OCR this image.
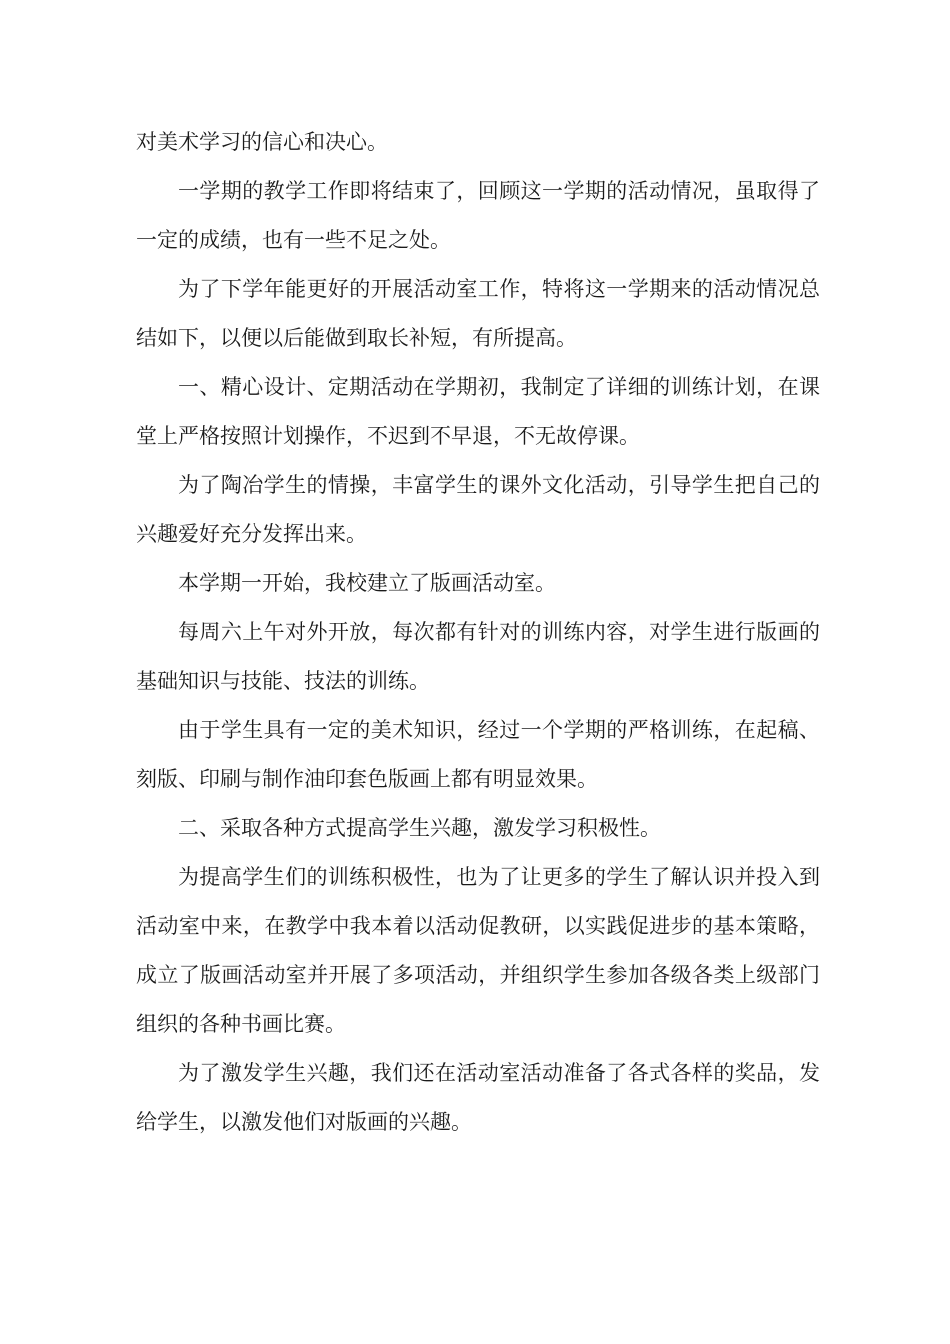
对美术学习的信心和决心。

一学期的教学工作即将结束了，回顾这一学期的活动情况，虽取得了一定的成绩，也有一些不足之处。

为了下学年能更好的开展活动室工作，特将这一学期来的活动情况总结如下，以便以后能做到取长补短，有所提高。

一、精心设计、定期活动在学期初，我制定了详细的训练计划，在课堂上严格按照计划操作，不迟到不早退，不无故停课。

为了陶冶学生的情操，丰富学生的课外文化活动，引导学生把自己的兴趣爱好充分发挥出来。

本学期一开始，我校建立了版画活动室。

每周六上午对外开放，每次都有针对的训练内容，对学生进行版画的基础知识与技能、技法的训练。

由于学生具有一定的美术知识，经过一个学期的严格训练，在起稿、刻版、印刷与制作油印套色版画上都有明显效果。

二、采取各种方式提高学生兴趣，激发学习积极性。

为提高学生们的训练积极性，也为了让更多的学生了解认识并投入到活动室中来，在教学中我本着以活动促教研，以实践促进步的基本策略，成立了版画活动室并开展了多项活动，并组织学生参加各级各类上级部门组织的各种书画比赛。

为了激发学生兴趣，我们还在活动室活动准备了各式各样的奖品，发给学生，以激发他们对版画的兴趣。
